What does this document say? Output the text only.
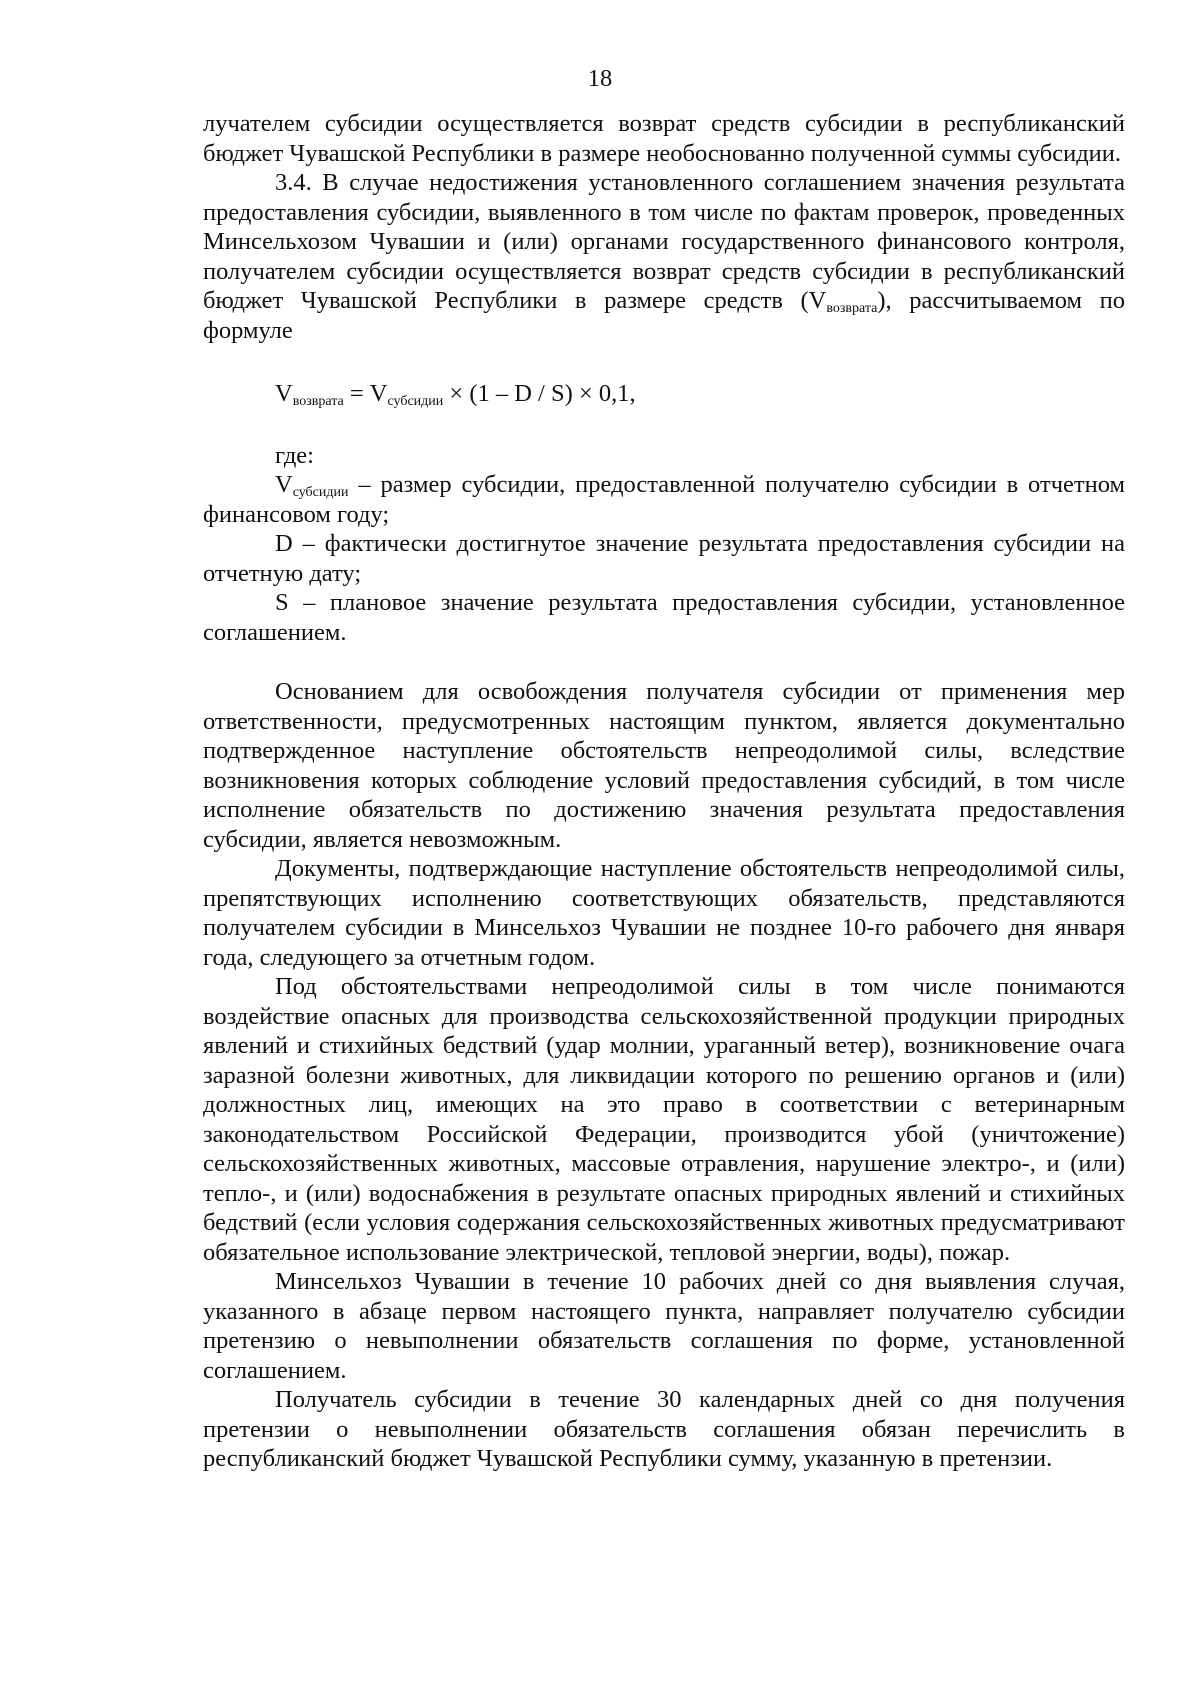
18

лучателем субсидии осуществляется возврат средств субсидии в республиканский бюджет Чувашской Республики в размере необоснованно полученной суммы субсидии.

3.4. В случае недостижения установленного соглашением значения результата предоставления субсидии, выявленного в том числе по фактам проверок, проведенных Минсельхозом Чувашии и (или) органами государственного финансового контроля, получателем субсидии осуществляется возврат средств субсидии в республиканский бюджет Чувашской Республики в размере средств $(V_{возврата})$, рассчитываемом по формуле

$V_{возврата} = V_{субсидии} \times (1 - D / S) \times 0,1$,

где:

$V_{субсидии}$ – размер субсидии, предоставленной получателю субсидии в отчетном финансовом году;

D – фактически достигнутое значение результата предоставления субсидии на отчетную дату;

S – плановое значение результата предоставления субсидии, установленное соглашением.

Основанием для освобождения получателя субсидии от применения мер ответственности, предусмотренных настоящим пунктом, является документально подтвержденное наступление обстоятельств непреодолимой силы, вследствие возникновения которых соблюдение условий предоставления субсидий, в том числе исполнение обязательств по достижению значения результата предоставления субсидии, является невозможным.

Документы, подтверждающие наступление обстоятельств непреодолимой силы, препятствующих исполнению соответствующих обязательств, представляются получателем субсидии в Минсельхоз Чувашии не позднее 10-го рабочего дня января года, следующего за отчетным годом.

Под обстоятельствами непреодолимой силы в том числе понимаются воздействие опасных для производства сельскохозяйственной продукции природных явлений и стихийных бедствий (удар молнии, ураганный ветер), возникновение очага заразной болезни животных, для ликвидации которого по решению органов и (или) должностных лиц, имеющих на это право в соответствии с ветеринарным законодательством Российской Федерации, производится убой (уничтожение) сельскохозяйственных животных, массовые отравления, нарушение электро-, и (или) тепло-, и (или) водоснабжения в результате опасных природных явлений и стихийных бедствий (если условия содержания сельскохозяйственных животных предусматривают обязательное использование электрической, тепловой энергии, воды), пожар.

Минсельхоз Чувашии в течение 10 рабочих дней со дня выявления случая, указанного в абзаце первом настоящего пункта, направляет получателю субсидии претензию о невыполнении обязательств соглашения по форме, установленной соглашением.

Получатель субсидии в течение 30 календарных дней со дня получения претензии о невыполнении обязательств соглашения обязан перечислить в республиканский бюджет Чувашской Республики сумму, указанную в претензии.
